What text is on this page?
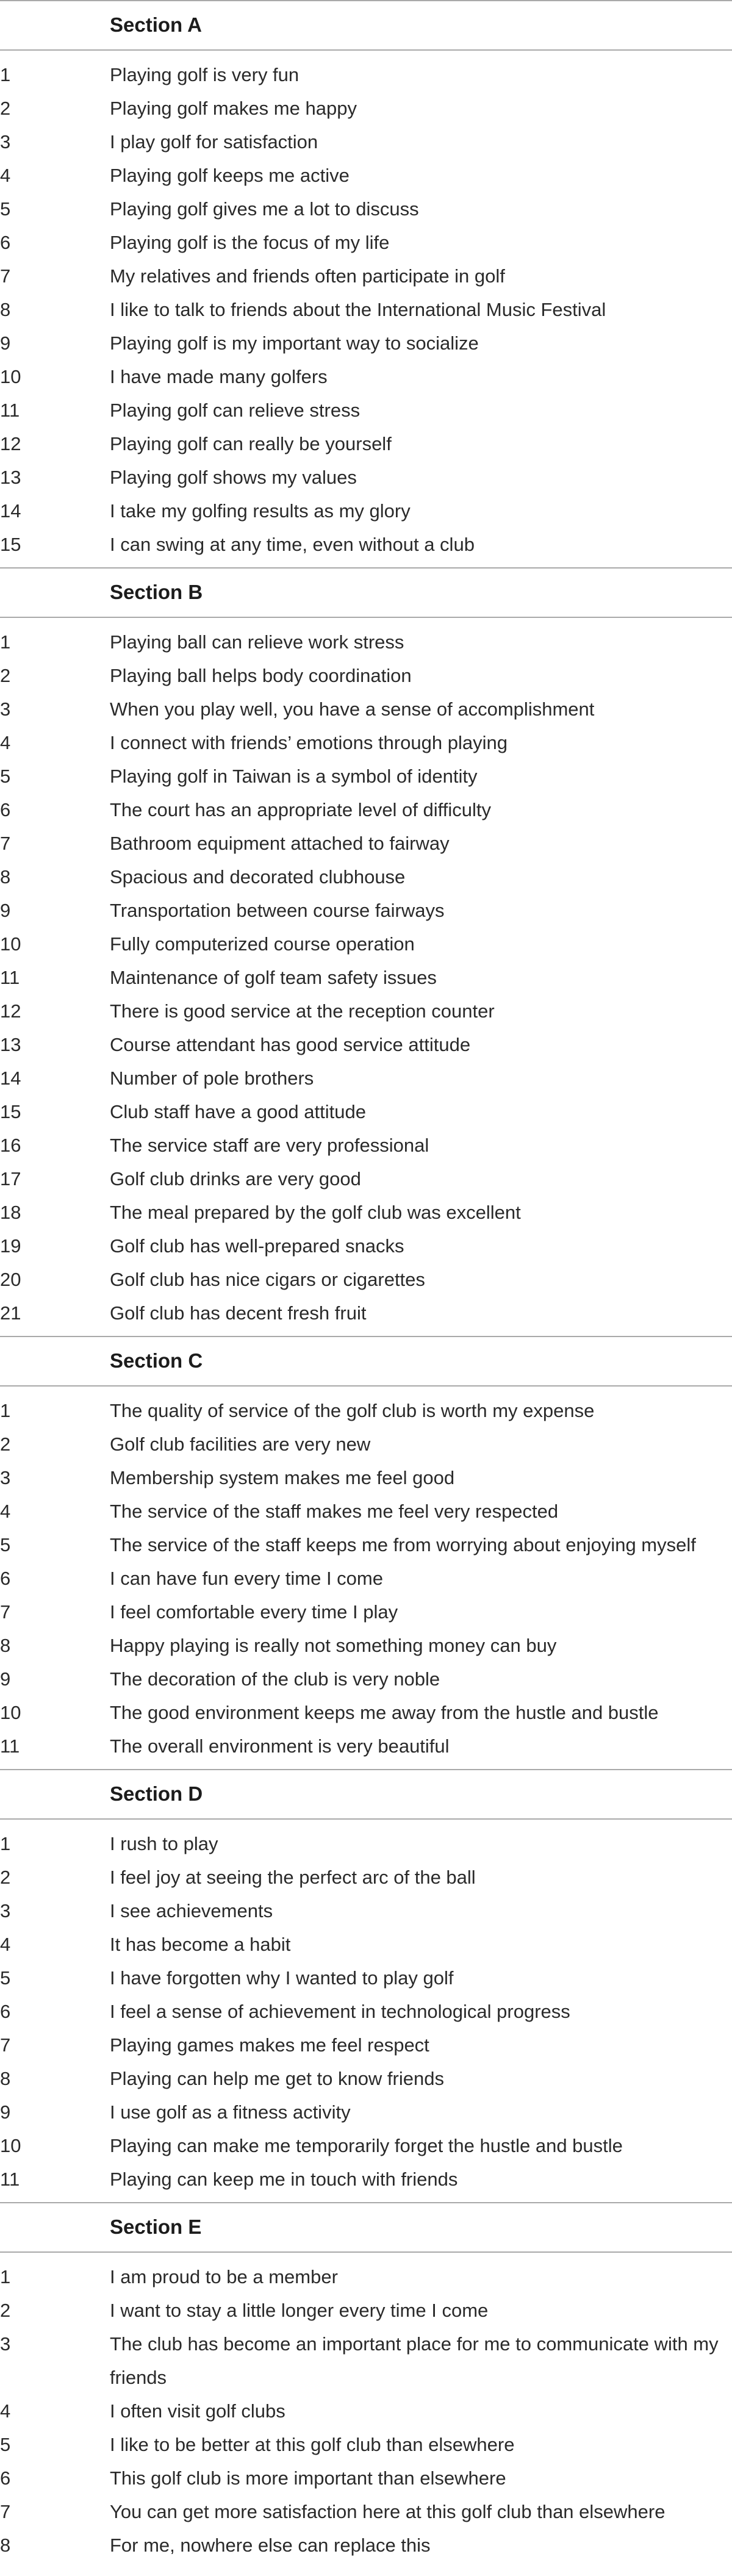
Section A
1	Playing golf is very fun
2	Playing golf makes me happy
3	I play golf for satisfaction
4	Playing golf keeps me active
5	Playing golf gives me a lot to discuss
6	Playing golf is the focus of my life
7	My relatives and friends often participate in golf
8	I like to talk to friends about the International Music Festival
9	Playing golf is my important way to socialize
10	I have made many golfers
11	Playing golf can relieve stress
12	Playing golf can really be yourself
13	Playing golf shows my values
14	I take my golfing results as my glory
15	I can swing at any time, even without a club
Section B
1	Playing ball can relieve work stress
2	Playing ball helps body coordination
3	When you play well, you have a sense of accomplishment
4	I connect with friends’ emotions through playing
5	Playing golf in Taiwan is a symbol of identity
6	The court has an appropriate level of difficulty
7	Bathroom equipment attached to fairway
8	Spacious and decorated clubhouse
9	Transportation between course fairways
10	Fully computerized course operation
11	Maintenance of golf team safety issues
12	There is good service at the reception counter
13	Course attendant has good service attitude
14	Number of pole brothers
15	Club staff have a good attitude
16	The service staff are very professional
17	Golf club drinks are very good
18	The meal prepared by the golf club was excellent
19	Golf club has well-prepared snacks
20	Golf club has nice cigars or cigarettes
21	Golf club has decent fresh fruit
Section C
1	The quality of service of the golf club is worth my expense
2	Golf club facilities are very new
3	Membership system makes me feel good
4	The service of the staff makes me feel very respected
5	The service of the staff keeps me from worrying about enjoying myself
6	I can have fun every time I come
7	I feel comfortable every time I play
8	Happy playing is really not something money can buy
9	The decoration of the club is very noble
10	The good environment keeps me away from the hustle and bustle
11	The overall environment is very beautiful
Section D
1	I rush to play
2	I feel joy at seeing the perfect arc of the ball
3	I see achievements
4	It has become a habit
5	I have forgotten why I wanted to play golf
6	I feel a sense of achievement in technological progress
7	Playing games makes me feel respect
8	Playing can help me get to know friends
9	I use golf as a fitness activity
10	Playing can make me temporarily forget the hustle and bustle
11	Playing can keep me in touch with friends
Section E
1	I am proud to be a member
2	I want to stay a little longer every time I come
3	The club has become an important place for me to communicate with my friends
4	I often visit golf clubs
5	I like to be better at this golf club than elsewhere
6	This golf club is more important than elsewhere
7	You can get more satisfaction here at this golf club than elsewhere
8	For me, nowhere else can replace this
